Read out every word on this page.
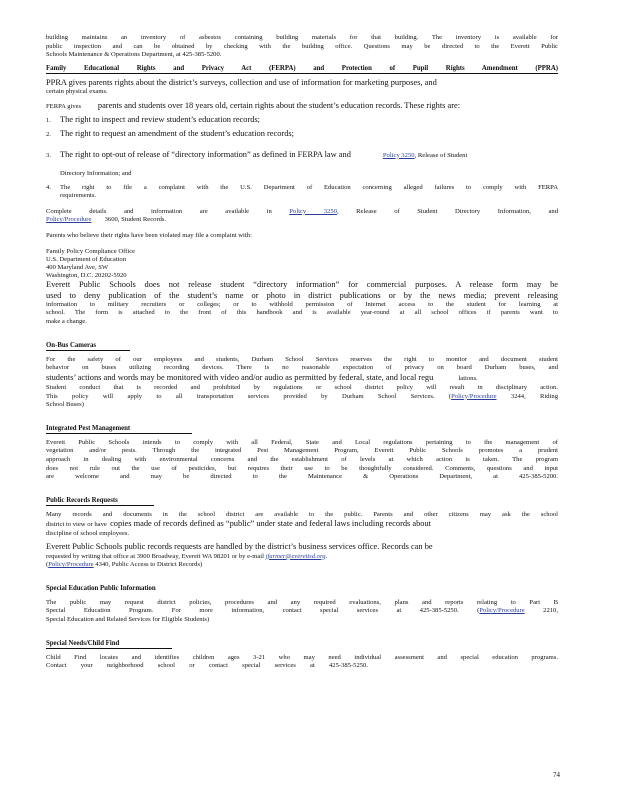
building maintains an inventory of asbestos containing building materials for that building. The inventory is available for

public inspection and can be obtained by checking with the building office. Questions may be directed to the Everett Public

Schools Maintenance & Operations Department, at 425-385-5200.

Family Educational Rights and Privacy Act (FERPA) and Protection of Pupil Rights Amendment (PPRA)

PPRA gives parents rights about the district’s surveys, collection and use of information for marketing purposes, and

certain physical exams.

FERPA gives parents and students over 18 years old, certain rights about the student’s education records. These rights are:

1.	The right to inspect and review student’s education records;
2.	The right to request an amendment of the student’s education records;
3.	The right to opt-out of release of “directory information” as defined in FERPA law and	Policy 3250, Release of Student
Directory Information; and
4.	The right to file a complaint with the U.S. Department of Education concerning alleged failures to comply with FERPA
requirements.

Complete details and information are available in	Policy 3250, Release of Student Directory Information, and

Policy/Procedure 3600, Student Records.

Parents who believe their rights have been violated may file a complaint with:

Family Policy Compliance Office
U.S. Department of Education
400 Maryland Ave, SW
Washington, D.C. 20202-5920

Everett Public Schools does not release student “directory information” for commercial purposes. A release form may be

used to deny publication of the student’s name or photo in district publications or by the news media; prevent releasing

information to military recruiters or colleges; or to withhold permission of Internet access to the student for learning at

school. The form is attached to the front of this handbook and is available year-round at all school offices if parents want to

make a change.

On-Bus Cameras

For the safety of our employees and students, Durham School Services reserves the right to monitor and document student

behavior on buses utilizing recording devices. There is no reasonable expectation of privacy on board Durham buses, and

students’ actions and words may be monitored with video and/or audio as permitted by federal, state, and local regu	lations.

Student conduct that is recorded and prohibited by regulations or school district policy will result in disciplinary action.

This policy will apply to all transportation services provided by Durham School Services. (Policy/Procedure 3244, Riding

School Buses)

Integrated Pest Management

Everett Public Schools intends to comply with all Federal, State and Local regulations pertaining to the management of

vegetation and/or pests. Through the integrated Pest Management Program, Everett Public Schools promotes a prudent

approach in dealing with environmental concerns and the establishment of levels at which action is taken. The program

does not rule out the use of pesticides, but requires their use to be thoughtfully considered. Comments, questions and input

are welcome and may be directed to the Maintenance & Operations Department, at 425-385-5200.

Public Records Requests

Many records and documents in the school district are available to the public. Parents and other citizens may ask the school

district to view or have copies made of records defined as “public” under state and federal laws including records about

discipline of school employees.

Everett Public Schools public records requests are handled by the district’s business services office. Records can be

requested by writing that office at 3900 Broadway, Everett WA 98201 or by e-mail jfarmer@everettsd.org.

(Policy/Procedure 4340, Public Access to District Records)

Special Education Public Information

The public may request district policies, procedures and any required evaluations, plans and reports relating to Part B

Special Education Program. For more information, contact special services at 425-385-5250. (Policy/Procedure	2210,

Special Education and Related Services for Eligible Students)

Special Needs/Child Find

Child Find locates and identifies children ages 3-21 who may need individual assessment and special education programs.

Contact your neighborhood school or contact special services at 425-385-5250.

74
